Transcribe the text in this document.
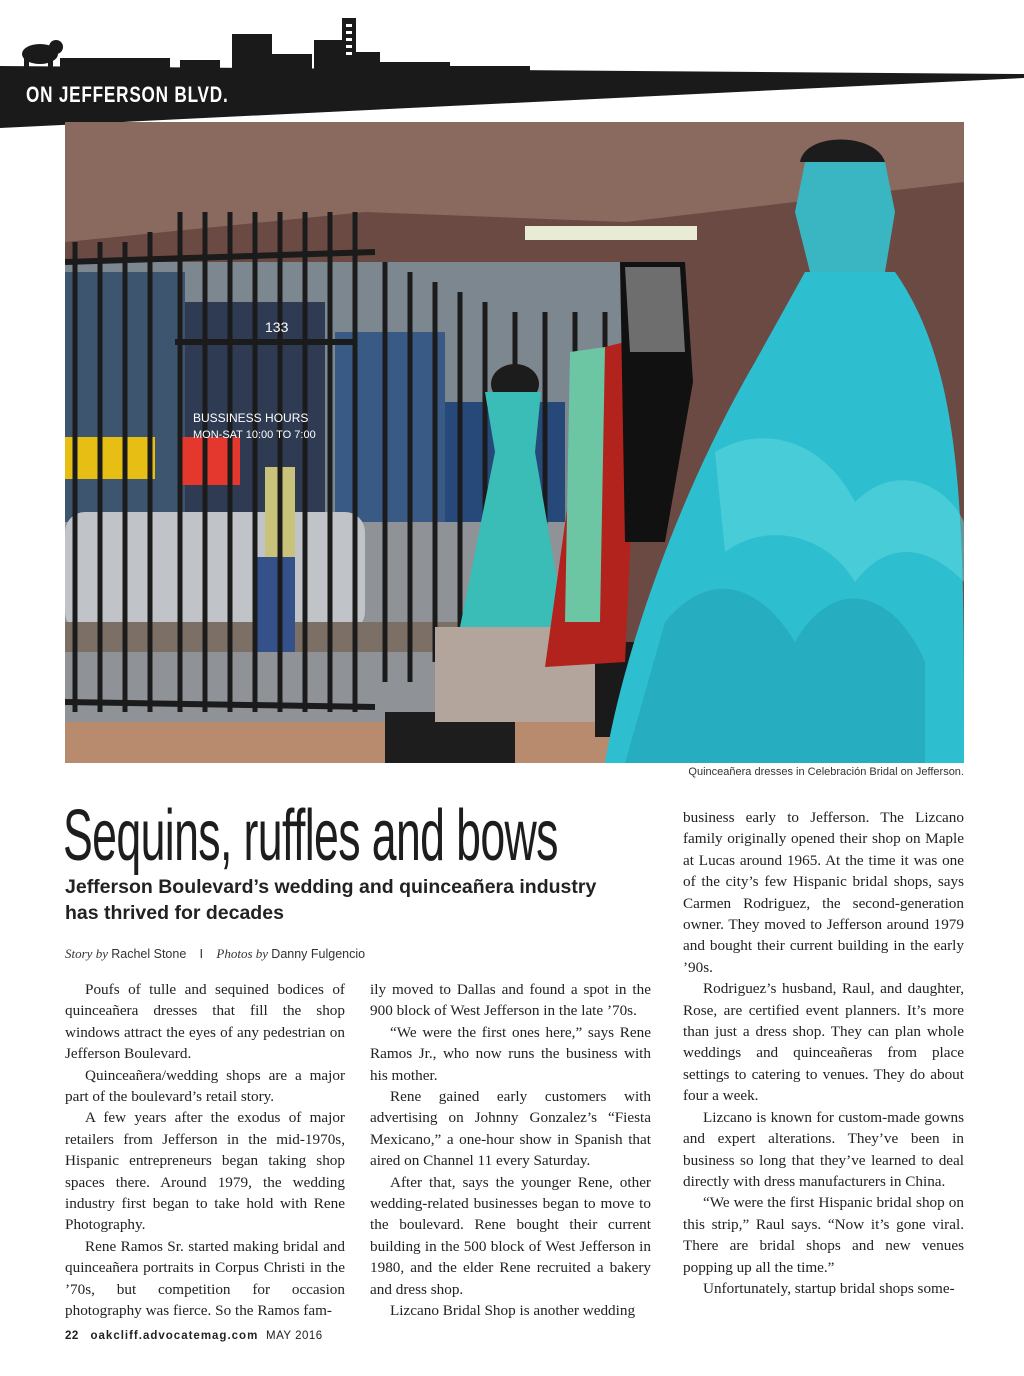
ON JEFFERSON BLVD.
133
BUSSINESS HOURS
MON-SAT 10:00 TO 7:00
Quinceañera dresses in Celebración Bridal on Jefferson.
Sequins, ruffles and bows
Jefferson Boulevard’s wedding and quinceañera industry has thrived for decades
Story by Rachel Stone I Photos by Danny Fulgencio

Poufs of tulle and sequined bodices of quinceañera dresses that fill the shop windows attract the eyes of any pedestrian on Jefferson Boulevard.

Quinceañera/wedding shops are a major part of the boulevard’s retail story.

A few years after the exodus of major retailers from Jefferson in the mid-1970s, Hispanic entrepreneurs began taking shop spaces there. Around 1979, the wedding industry first began to take hold with Rene Photography.

Rene Ramos Sr. started making bridal and quinceañera portraits in Corpus Christi in the ’70s, but competition for occasion photography was fierce. So the Ramos fam-

ily moved to Dallas and found a spot in the 900 block of West Jefferson in the late ’70s.

“We were the first ones here,” says Rene Ramos Jr., who now runs the business with his mother.

Rene gained early customers with advertising on Johnny Gonzalez’s “Fiesta Mexicano,” a one-hour show in Spanish that aired on Channel 11 every Saturday.

After that, says the younger Rene, other wedding-related businesses began to move to the boulevard. Rene bought their current building in the 500 block of West Jefferson in 1980, and the elder Rene recruited a bakery and dress shop.

Lizcano Bridal Shop is another wedding

business early to Jefferson. The Lizcano family originally opened their shop on Maple at Lucas around 1965. At the time it was one of the city’s few Hispanic bridal shops, says Carmen Rodriguez, the second-generation owner. They moved to Jefferson around 1979 and bought their current building in the early ’90s.

Rodriguez’s husband, Raul, and daughter, Rose, are certified event planners. It’s more than just a dress shop. They can plan whole weddings and quinceañeras from place settings to catering to venues. They do about four a week.

Lizcano is known for custom-made gowns and expert alterations. They’ve been in business so long that they’ve learned to deal directly with dress manufacturers in China.

“We were the first Hispanic bridal shop on this strip,” Raul says. “Now it’s gone viral. There are bridal shops and new venues popping up all the time.”

Unfortunately, startup bridal shops some-

22 oakcliff.advocatemag.com MAY 2016
